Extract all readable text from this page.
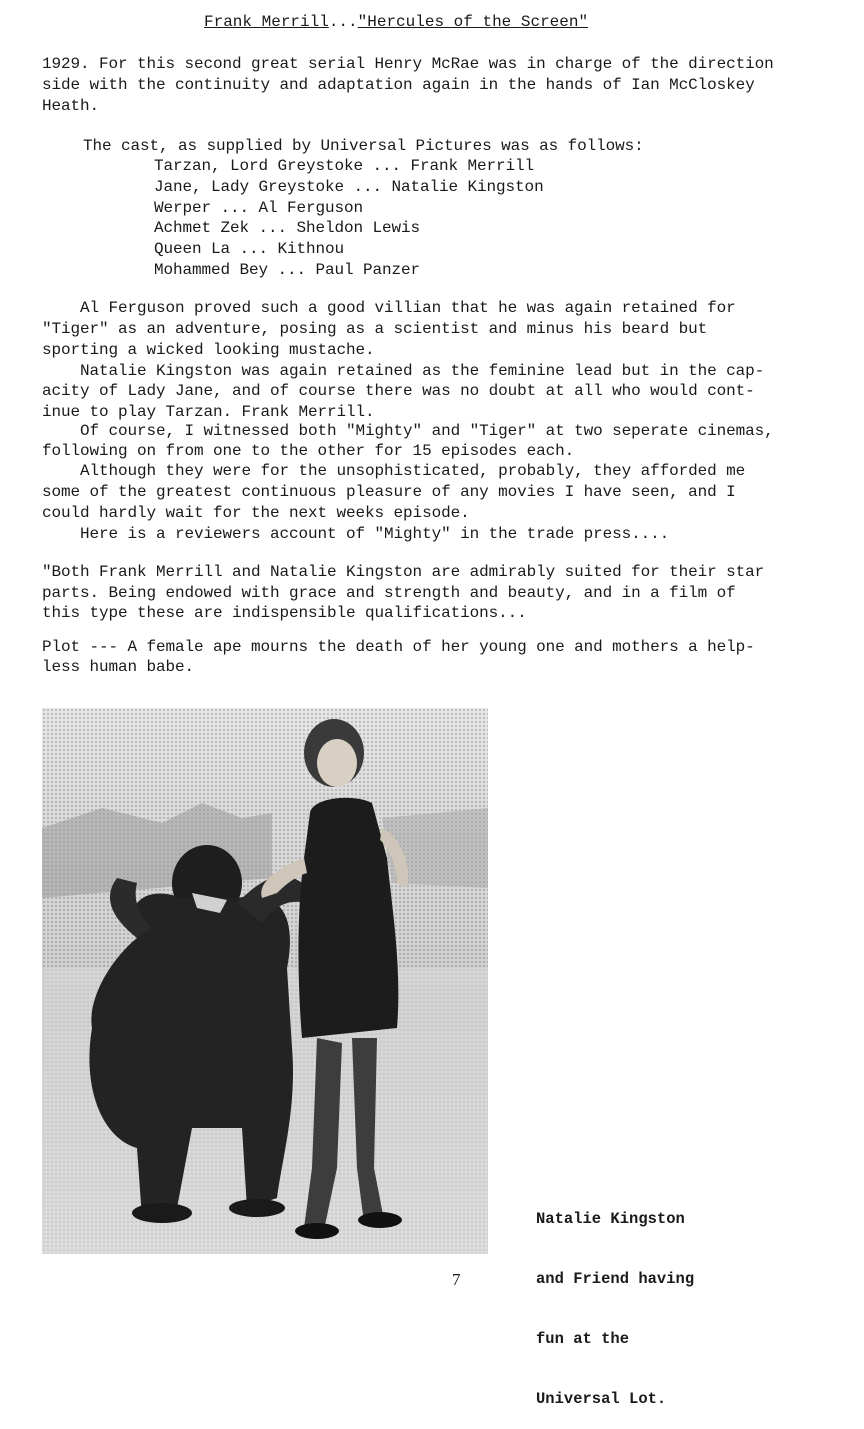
Frank Merrill..."Hercules of the Screen"
1929. For this second great serial Henry McRae was in charge of the direction
side with the continuity and adaptation again in the hands of Ian McCloskey
Heath.
The cast, as supplied by Universal Pictures was as follows:
Tarzan, Lord Greystoke ... Frank Merrill
Jane, Lady Greystoke ... Natalie Kingston
Werper ... Al Ferguson
Achmet Zek ... Sheldon Lewis
Queen La ... Kithnou
Mohammed Bey ... Paul Panzer
Al Ferguson proved such a good villian that he was again retained for
"Tiger" as an adventure, posing as a scientist and minus his beard but
sporting a wicked looking mustache.
Natalie Kingston was again retained as the feminine lead but in the cap-
acity of Lady Jane, and of course there was no doubt at all who would cont-
inue to play Tarzan. Frank Merrill.
Of course, I witnessed both "Mighty" and "Tiger" at two seperate cinemas,
following on from one to the other for 15 episodes each.
Although they were for the unsophisticated, probably, they afforded me
some of the greatest continuous pleasure of any movies I have seen, and I
could hardly wait for the next weeks episode.
Here is a reviewers account of "Mighty" in the trade press....
"Both Frank Merrill and Natalie Kingston are admirably suited for their star
parts. Being endowed with grace and strength and beauty, and in a film of
this type these are indispensible qualifications...
Plot --- A female ape mourns the death of her young one and mothers a help-
less human babe.

Natalie Kingston

and Friend having

fun at the

Universal Lot.

7
